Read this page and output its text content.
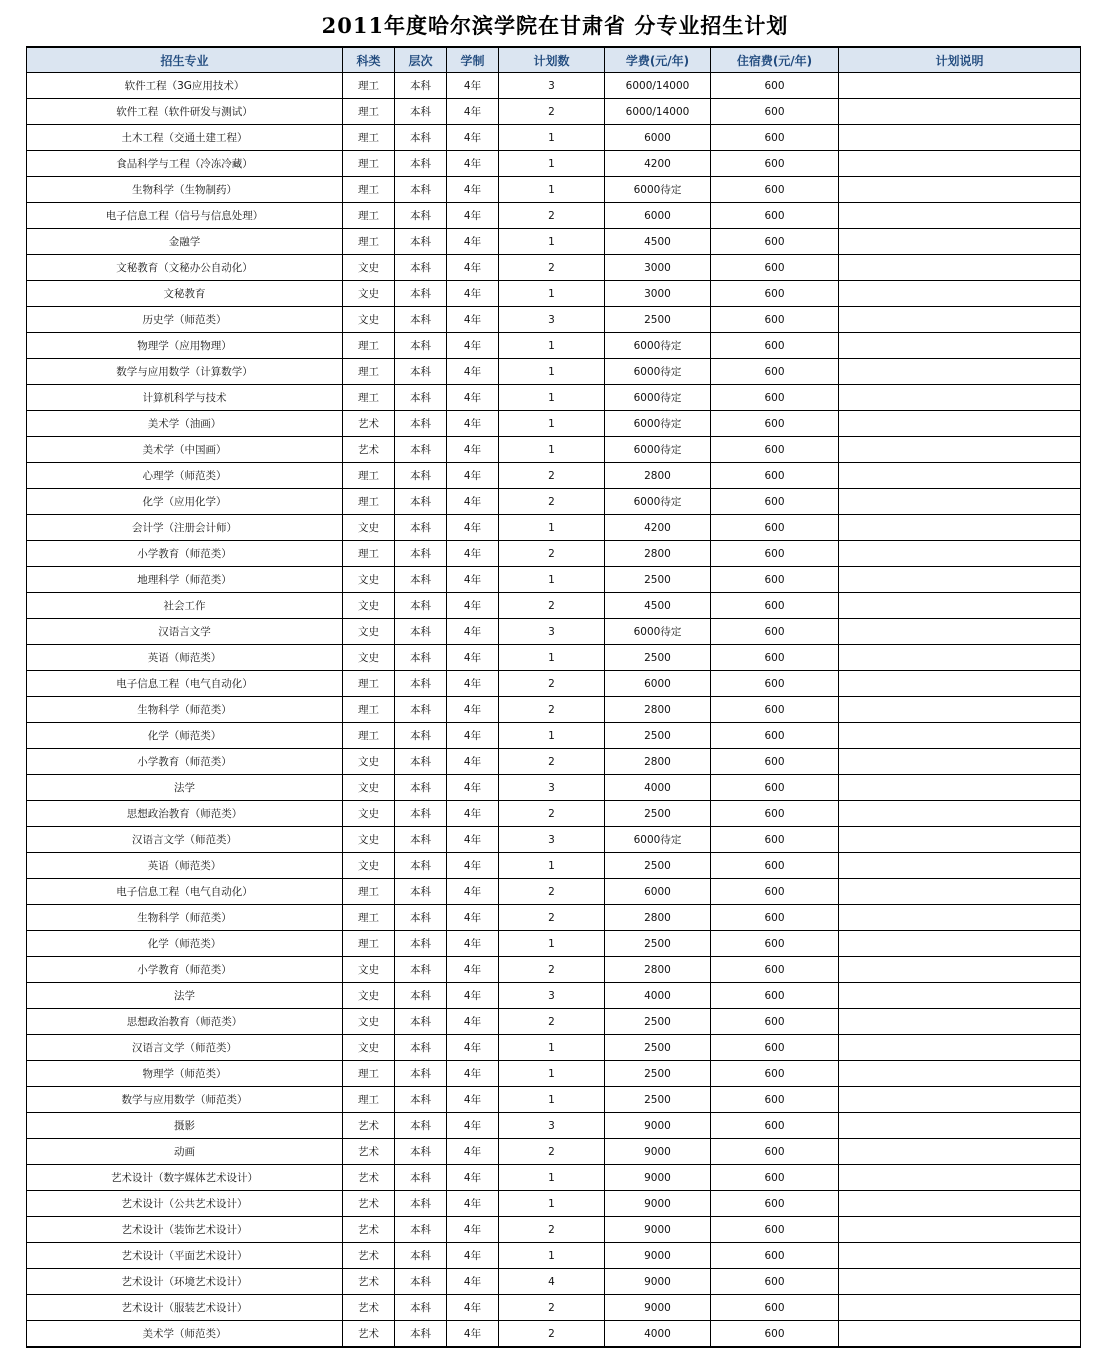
2011年度哈尔滨学院在甘肃省 分专业招生计划
招生专业	科类	层次	学制	计划数	学费(元/年)	住宿费(元/年)	计划说明
软件工程（3G应用技术）	理工	本科	4年	3	6000/14000	600	
软件工程（软件研发与测试）	理工	本科	4年	2	6000/14000	600	
土木工程（交通土建工程）	理工	本科	4年	1	6000	600	
食品科学与工程（冷冻冷藏）	理工	本科	4年	1	4200	600	
生物科学（生物制药）	理工	本科	4年	1	6000待定	600	
电子信息工程（信号与信息处理）	理工	本科	4年	2	6000	600	
金融学	理工	本科	4年	1	4500	600	
文秘教育（文秘办公自动化）	文史	本科	4年	2	3000	600	
文秘教育	文史	本科	4年	1	3000	600	
历史学（师范类）	文史	本科	4年	3	2500	600	
物理学（应用物理）	理工	本科	4年	1	6000待定	600	
数学与应用数学（计算数学）	理工	本科	4年	1	6000待定	600	
计算机科学与技术	理工	本科	4年	1	6000待定	600	
美术学（油画）	艺术	本科	4年	1	6000待定	600	
美术学（中国画）	艺术	本科	4年	1	6000待定	600	
心理学（师范类）	理工	本科	4年	2	2800	600	
化学（应用化学）	理工	本科	4年	2	6000待定	600	
会计学（注册会计师）	文史	本科	4年	1	4200	600	
小学教育（师范类）	理工	本科	4年	2	2800	600	
地理科学（师范类）	文史	本科	4年	1	2500	600	
社会工作	文史	本科	4年	2	4500	600	
汉语言文学	文史	本科	4年	3	6000待定	600	
英语（师范类）	文史	本科	4年	1	2500	600	
电子信息工程（电气自动化）	理工	本科	4年	2	6000	600	
生物科学（师范类）	理工	本科	4年	2	2800	600	
化学（师范类）	理工	本科	4年	1	2500	600	
小学教育（师范类）	文史	本科	4年	2	2800	600	
法学	文史	本科	4年	3	4000	600	
思想政治教育（师范类）	文史	本科	4年	2	2500	600	
汉语言文学（师范类）	文史	本科	4年	3	6000待定	600	
英语（师范类）	文史	本科	4年	1	2500	600	
电子信息工程（电气自动化）	理工	本科	4年	2	6000	600	
生物科学（师范类）	理工	本科	4年	2	2800	600	
化学（师范类）	理工	本科	4年	1	2500	600	
小学教育（师范类）	文史	本科	4年	2	2800	600	
法学	文史	本科	4年	3	4000	600	
思想政治教育（师范类）	文史	本科	4年	2	2500	600	
汉语言文学（师范类）	文史	本科	4年	1	2500	600	
物理学（师范类）	理工	本科	4年	1	2500	600	
数学与应用数学（师范类）	理工	本科	4年	1	2500	600	
摄影	艺术	本科	4年	3	9000	600	
动画	艺术	本科	4年	2	9000	600	
艺术设计（数字媒体艺术设计）	艺术	本科	4年	1	9000	600	
艺术设计（公共艺术设计）	艺术	本科	4年	1	9000	600	
艺术设计（装饰艺术设计）	艺术	本科	4年	2	9000	600	
艺术设计（平面艺术设计）	艺术	本科	4年	1	9000	600	
艺术设计（环境艺术设计）	艺术	本科	4年	4	9000	600	
艺术设计（服装艺术设计）	艺术	本科	4年	2	9000	600	
美术学（师范类）	艺术	本科	4年	2	4000	600	
